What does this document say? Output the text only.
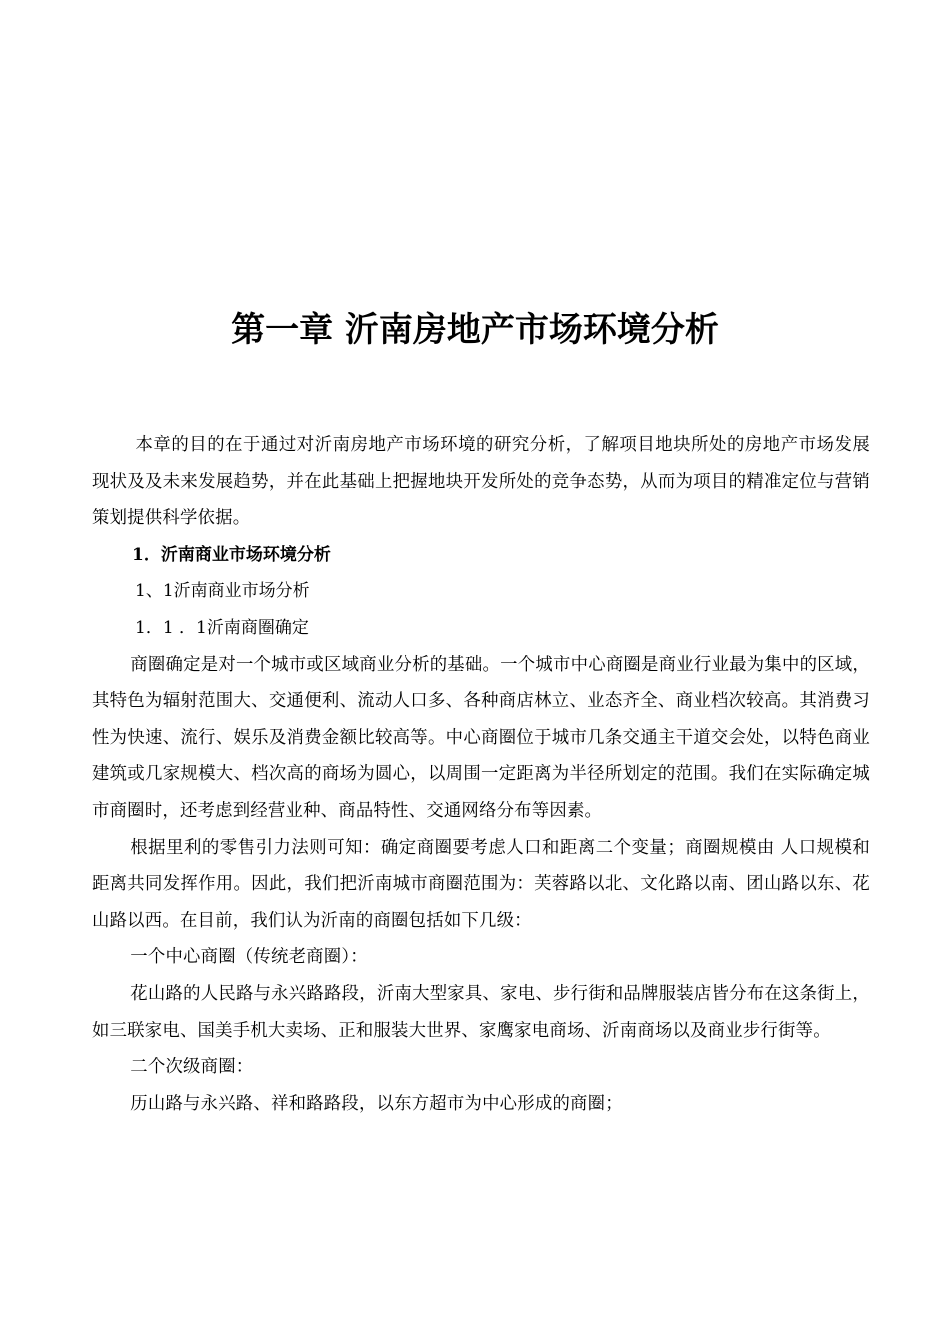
第一章 沂南房地产市场环境分析

本章的目的在于通过对沂南房地产市场环境的研究分析，了解项目地块所处的房地产市场发展现状及及未来发展趋势，并在此基础上把握地块开发所处的竞争态势，从而为项目的精准定位与营销策划提供科学依据。

1．沂南商业市场环境分析

1、1沂南商业市场分析

1．1 ．1沂南商圈确定

商圈确定是对一个城市或区域商业分析的基础。一个城市中心商圈是商业行业最为集中的区域，其特色为辐射范围大、交通便利、流动人口多、各种商店林立、业态齐全、商业档次较高。其消费习性为快速、流行、娱乐及消费金额比较高等。中心商圈位于城市几条交通主干道交会处，以特色商业建筑或几家规模大、档次高的商场为圆心，以周围一定距离为半径所划定的范围。我们在实际确定城市商圈时，还考虑到经营业种、商品特性、交通网络分布等因素。

根据里利的零售引力法则可知：确定商圈要考虑人口和距离二个变量；商圈规模由 人口规模和距离共同发挥作用。因此，我们把沂南城市商圈范围为：芙蓉路以北、文化路以南、团山路以东、花山路以西。在目前，我们认为沂南的商圈包括如下几级：

一个中心商圈（传统老商圈）：

花山路的人民路与永兴路路段，沂南大型家具、家电、步行街和品牌服装店皆分布在这条街上，如三联家电、国美手机大卖场、正和服装大世界、家鹰家电商场、沂南商场以及商业步行街等。

二个次级商圈：

历山路与永兴路、祥和路路段，以东方超市为中心形成的商圈；
